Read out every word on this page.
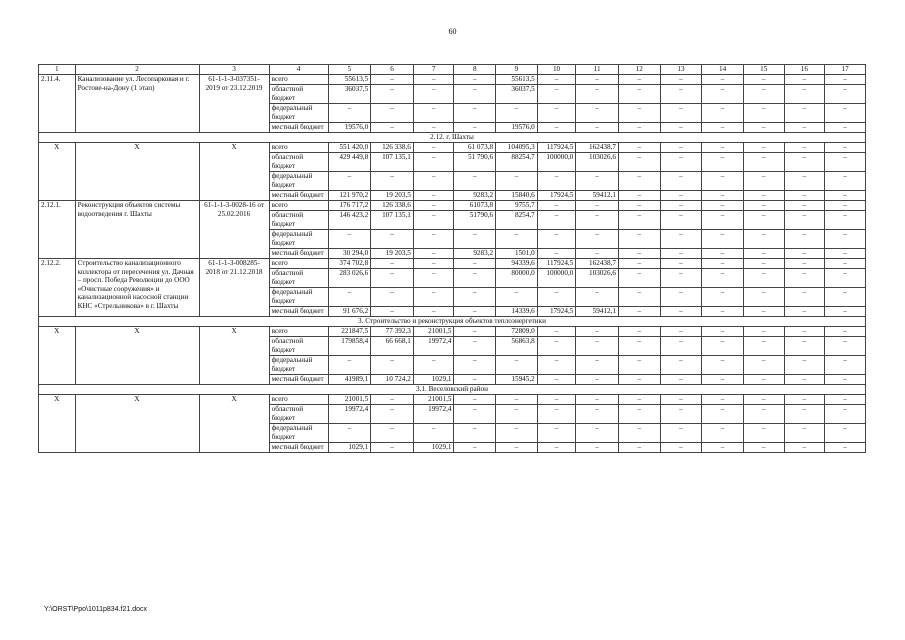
60
1	2	3	4	5	6	7	8	9	10	11	12	13	14	15	16	17
2.11.4.	Канализование ул. Лесопарковая и г. Ростове-на-Дону (1 этап)	61-1-1-3-037351-2019 от 23.12.2019	всего	55613,5	–	–	–	55613,5	–	–	–	–	–	–	–	–
			областной бюджет	36037,5	–	–	–	36037,5	–	–	–	–	–	–	–	–
			федеральный бюджет	–	–	–	–	–	–	–	–	–	–	–	–	–
			местный бюджет	19576,0	–	–	–	19576,0	–	–	–	–	–	–	–	–
2.12. г. Шахты																
Х	Х	Х	всего	551 420,0	126 338,6	–	61 073,8	104095,3	117924,5	162438,7	–	–	–	–	–	–
			областной бюджет	429 449,8	107 135,1	–	51 790,6	88254,7	100000,0	103026,6	–	–	–	–	–	–
			федеральный бюджет	–	–	–	–	–	–	–	–	–	–	–	–	–
			местный бюджет	121 970,2	19 203,5	–	9283,2	15840,6	17924,5	59412,1	–	–	–	–	–	–
2.12.1.	Реконструкция объектов системы водоотведения г. Шахты	61-1-1-3-0028-16 от 25.02.2016	всего	176 717,2	126 338,6	–	61073,8	9755,7	–	–	–	–	–	–	–	–
			областной бюджет	146 423,2	107 135,1	–	51790,6	8254,7	–	–	–	–	–	–	–	–
			федеральный бюджет	–	–	–	–	–	–	–	–	–	–	–	–	–
			местный бюджет	30 294,0	19 203,5	–	9283,2	1501,0	–	–	–	–	–	–	–	–
2.12.2.	Строительство канализационного коллектора от пересечения ул. Дачная – просп. Победа Революции до ООО «Очистные сооружения» и канализационной насосной станции КНС «Стрельникова» в г. Шахты	61-1-1-3-008285-2018 от 21.12.2018	всего	374 702,8	–	–	–	94339,6	117924,5	162438,7	–	–	–	–	–	–
			областной бюджет	283 026,6	–	–	–	80000,0	100000,0	103026,6	–	–	–	–	–	–
			федеральный бюджет	–	–	–	–	–	–	–	–	–	–	–	–	–
			местный бюджет	91 676,2	–	–	–	14339,6	17924,5	59412,1	–	–	–	–	–	–
3. Строительство и реконструкция объектов теплоэнергетики																
Х	Х	Х	всего	221847,5	77 392,3	21001,5	–	72809,0	–	–	–	–	–	–	–	–
			областной бюджет	179858,4	66 668,1	19972,4	–	56863,8	–	–	–	–	–	–	–	–
			федеральный бюджет	–	–	–	–	–	–	–	–	–	–	–	–	–
			местный бюджет	41989,1	10 724,2	1029,1	–	15945,2	–	–	–	–	–	–	–	–
3.1. Веселовский район																
Х	Х	Х	всего	21001,5	–	21001,5	–	–	–	–	–	–	–	–	–	–
			областной бюджет	19972,4	–	19972,4	–	–	–	–	–	–	–	–	–	–
			федеральный бюджет	–	–	–	–	–	–	–	–	–	–	–	–	–
			местный бюджет	1029,1	–	1029,1	–	–	–	–	–	–	–	–	–	–
Y:\ORST\Ppo\1011p834.f21.docx
